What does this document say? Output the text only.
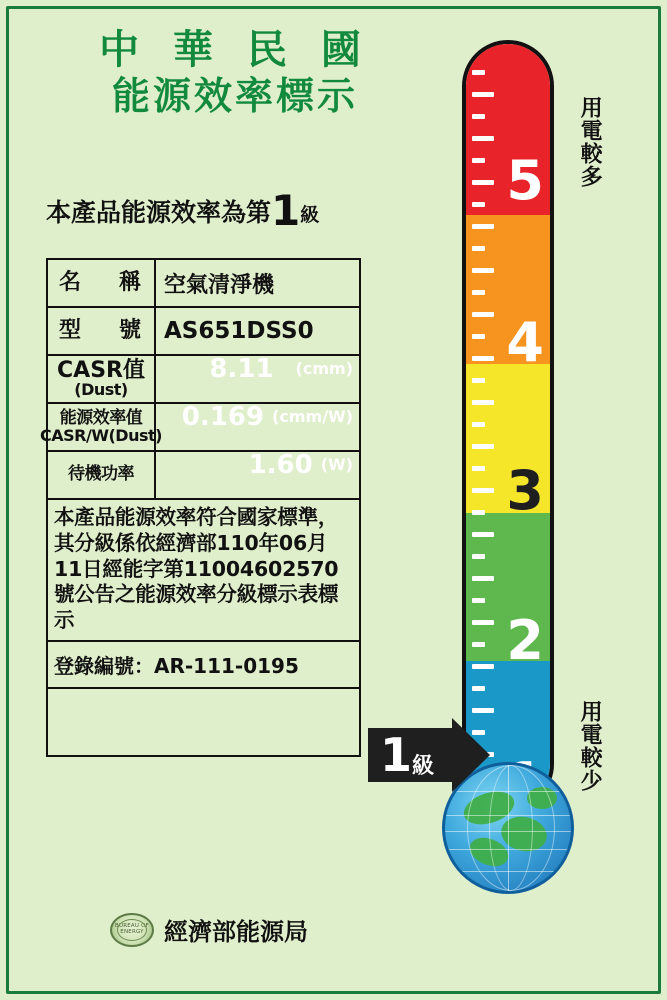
中 華 民 國
能源效率標示
本產品能源效率為第1級
名　稱 空氣清淨機
型　號 AS651DSS0
CASR值
(Dust)
8.11 (cmm)
能源效率值
CASR/W(Dust)
0.169 (cmm/W)
待機功率	1.60 (W)
本產品能源效率符合國家標準，其分級係依經濟部110年06月11日經能字第11004602570號公告之能源效率分級標示表標示
登錄編號：AR-111-0195
BUREAU OF ENERGY 經濟部能源局
5
4
3
2
用電較多
用電較少
1級
